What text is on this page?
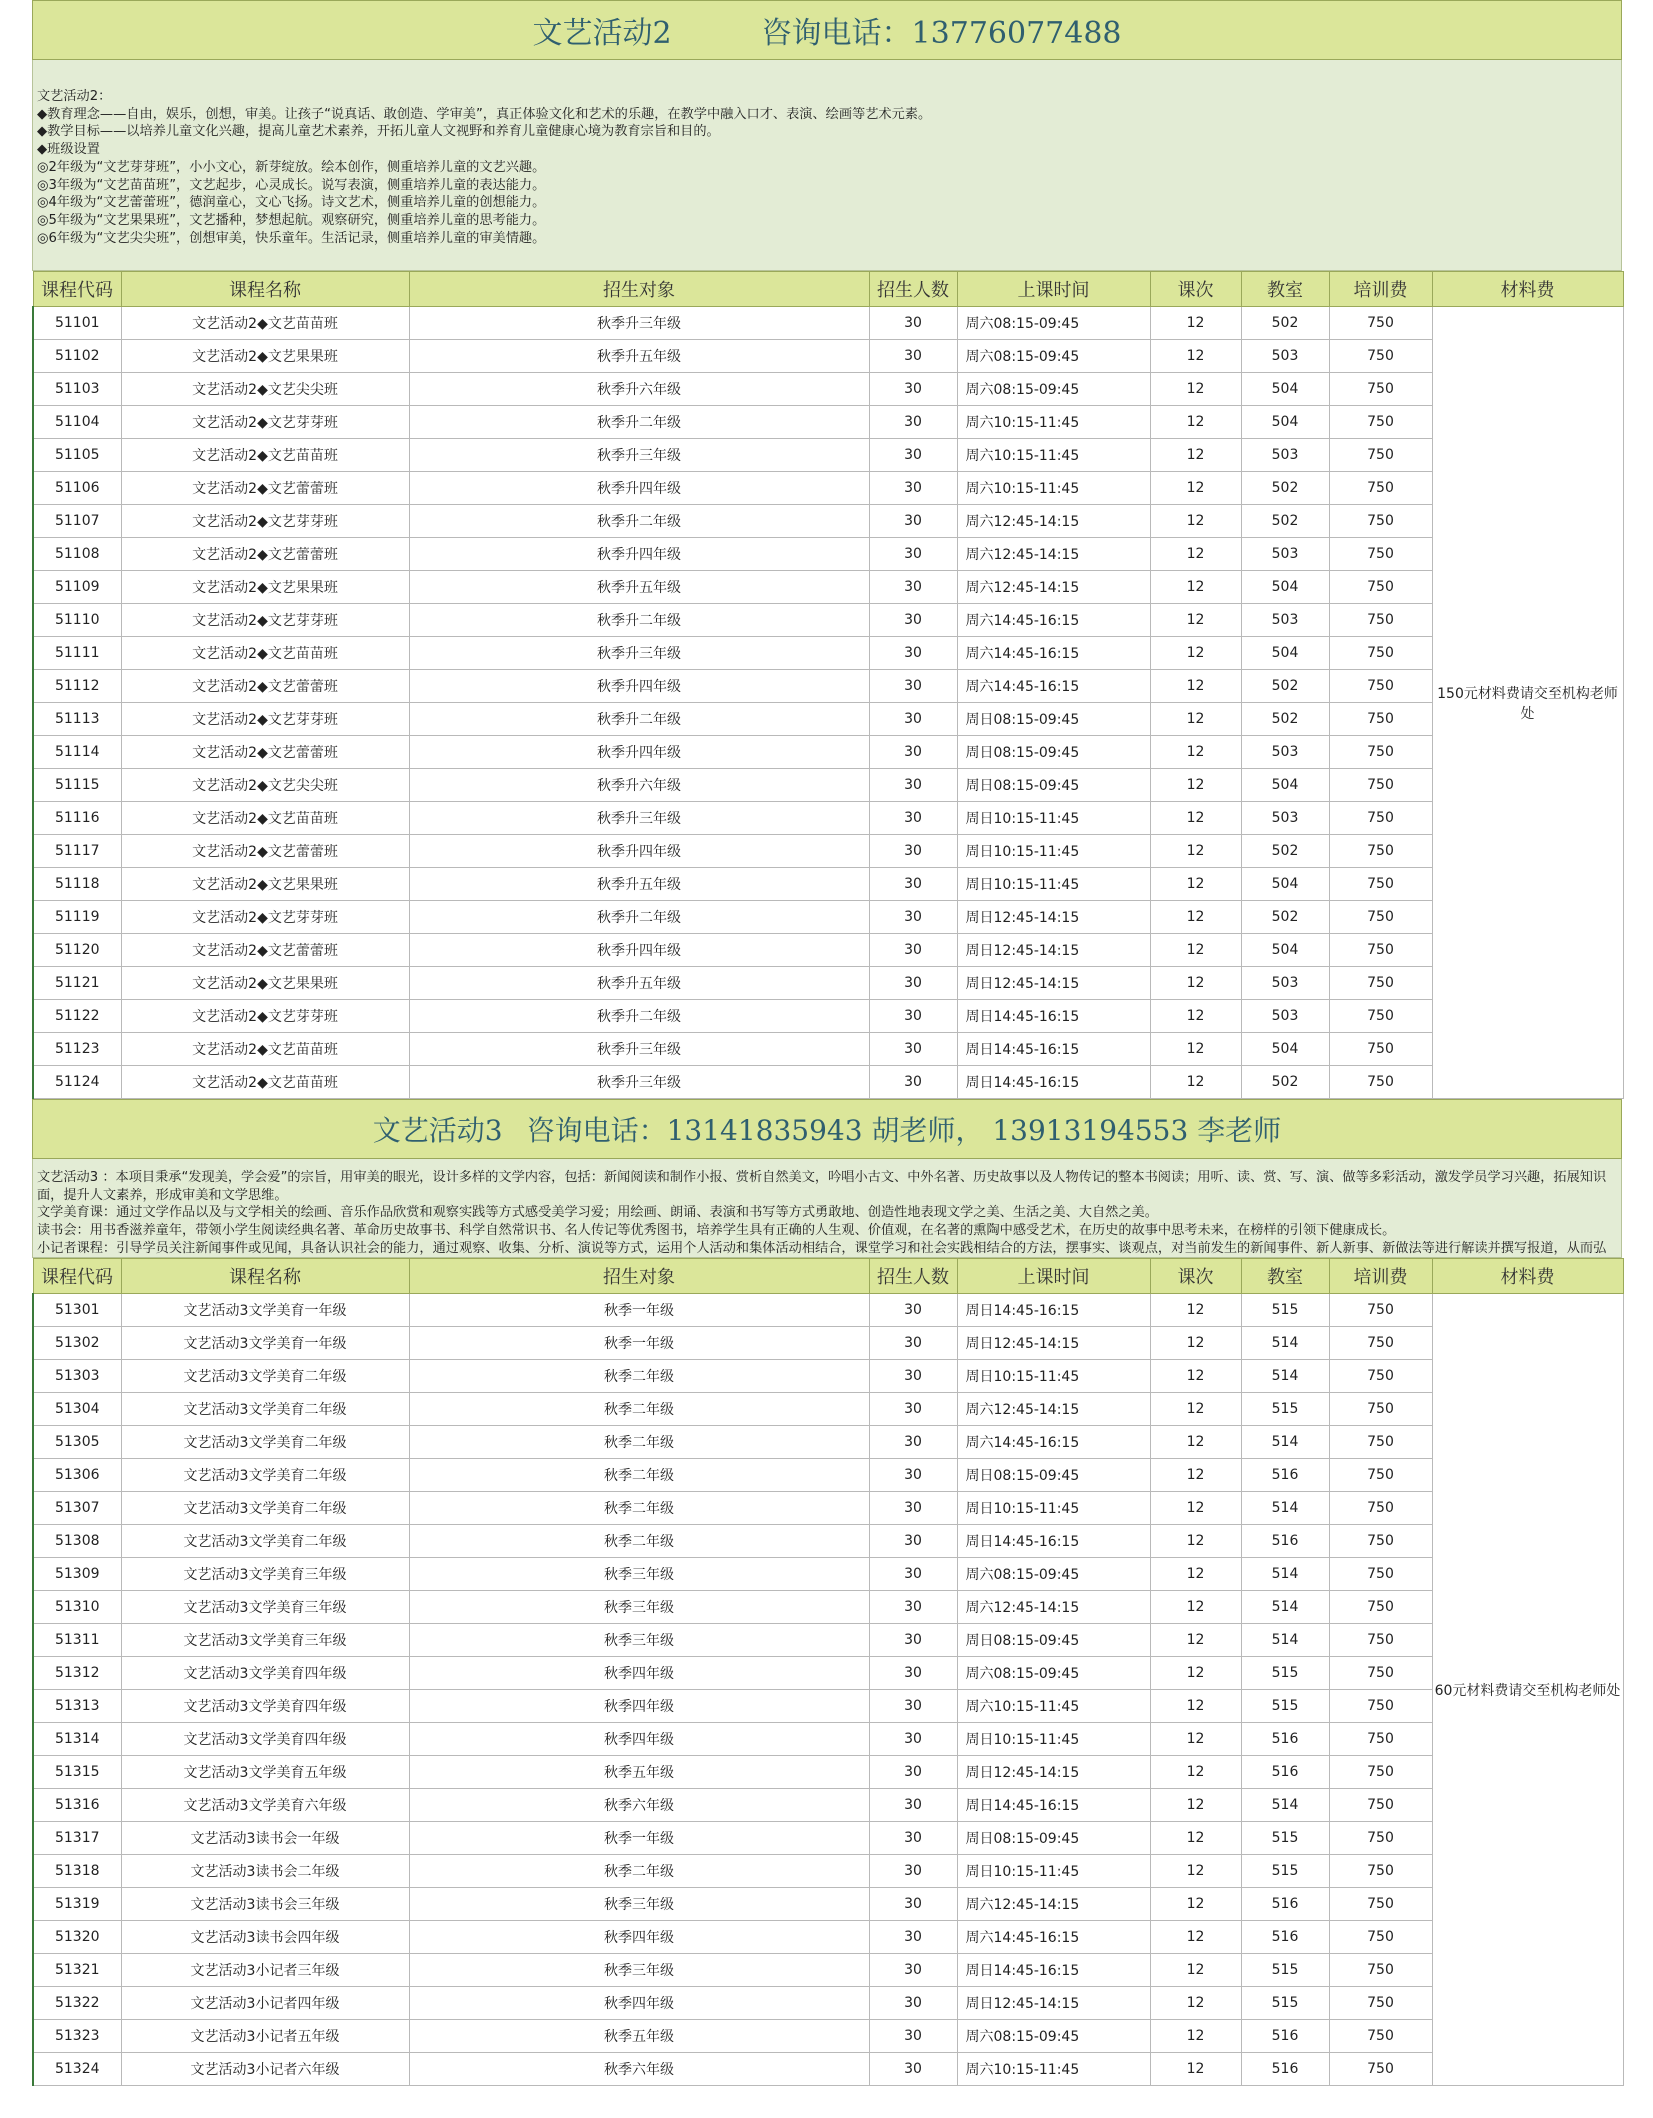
文艺活动2	咨询电话：13776077488

文艺活动2：

◆教育理念——自由，娱乐，创想，审美。让孩子“说真话、敢创造、学审美”，真正体验文化和艺术的乐趣，在教学中融入口才、表演、绘画等艺术元素。

◆教学目标——以培养儿童文化兴趣，提高儿童艺术素养，开拓儿童人文视野和养育儿童健康心境为教育宗旨和目的。

◆班级设置

◎2年级为“文艺芽芽班”，小小文心，新芽绽放。绘本创作，侧重培养儿童的文艺兴趣。

◎3年级为“文艺苗苗班”，文艺起步，心灵成长。说写表演，侧重培养儿童的表达能力。

◎4年级为“文艺蕾蕾班”，德润童心，文心飞扬。诗文艺术，侧重培养儿童的创想能力。

◎5年级为“文艺果果班”，文艺播种，梦想起航。观察研究，侧重培养儿童的思考能力。

◎6年级为“文艺尖尖班”，创想审美，快乐童年。生活记录，侧重培养儿童的审美情趣。

课程代码	课程名称	招生对象	招生人数	上课时间	课次	教室	培训费	材料费
51101	文艺活动2◆文艺苗苗班	秋季升三年级	30	周六08:15-09:45	12	502	750	150元材料费请交至机构老师处
51102	文艺活动2◆文艺果果班	秋季升五年级	30	周六08:15-09:45	12	503	750	
51103	文艺活动2◆文艺尖尖班	秋季升六年级	30	周六08:15-09:45	12	504	750	
51104	文艺活动2◆文艺芽芽班	秋季升二年级	30	周六10:15-11:45	12	504	750	
51105	文艺活动2◆文艺苗苗班	秋季升三年级	30	周六10:15-11:45	12	503	750	
51106	文艺活动2◆文艺蕾蕾班	秋季升四年级	30	周六10:15-11:45	12	502	750	
51107	文艺活动2◆文艺芽芽班	秋季升二年级	30	周六12:45-14:15	12	502	750	
51108	文艺活动2◆文艺蕾蕾班	秋季升四年级	30	周六12:45-14:15	12	503	750	
51109	文艺活动2◆文艺果果班	秋季升五年级	30	周六12:45-14:15	12	504	750	
51110	文艺活动2◆文艺芽芽班	秋季升二年级	30	周六14:45-16:15	12	503	750	
51111	文艺活动2◆文艺苗苗班	秋季升三年级	30	周六14:45-16:15	12	504	750	
51112	文艺活动2◆文艺蕾蕾班	秋季升四年级	30	周六14:45-16:15	12	502	750	
51113	文艺活动2◆文艺芽芽班	秋季升二年级	30	周日08:15-09:45	12	502	750	
51114	文艺活动2◆文艺蕾蕾班	秋季升四年级	30	周日08:15-09:45	12	503	750	
51115	文艺活动2◆文艺尖尖班	秋季升六年级	30	周日08:15-09:45	12	504	750	
51116	文艺活动2◆文艺苗苗班	秋季升三年级	30	周日10:15-11:45	12	503	750	
51117	文艺活动2◆文艺蕾蕾班	秋季升四年级	30	周日10:15-11:45	12	502	750	
51118	文艺活动2◆文艺果果班	秋季升五年级	30	周日10:15-11:45	12	504	750	
51119	文艺活动2◆文艺芽芽班	秋季升二年级	30	周日12:45-14:15	12	502	750	
51120	文艺活动2◆文艺蕾蕾班	秋季升四年级	30	周日12:45-14:15	12	504	750	
51121	文艺活动2◆文艺果果班	秋季升五年级	30	周日12:45-14:15	12	503	750	
51122	文艺活动2◆文艺芽芽班	秋季升二年级	30	周日14:45-16:15	12	503	750	
51123	文艺活动2◆文艺苗苗班	秋季升三年级	30	周日14:45-16:15	12	504	750	
51124	文艺活动2◆文艺苗苗班	秋季升三年级	30	周日14:45-16:15	12	502	750	
文艺活动3 咨询电话：13141835943 胡老师， 13913194553 李老师

文艺活动3 ：本项目秉承“发现美，学会爱”的宗旨，用审美的眼光，设计多样的文学内容，包括：新闻阅读和制作小报、赏析自然美文，吟唱小古文、中外名著、历史故事以及人物传记的整本书阅读；用听、读、赏、写、演、做等多彩活动，激发学员学习兴趣，拓展知识面，提升人文素养，形成审美和文学思维。

文学美育课：通过文学作品以及与文学相关的绘画、音乐作品欣赏和观察实践等方式感受美学习爱；用绘画、朗诵、表演和书写等方式勇敢地、创造性地表现文学之美、生活之美、大自然之美。

读书会：用书香滋养童年，带领小学生阅读经典名著、革命历史故事书、科学自然常识书、名人传记等优秀图书，培养学生具有正确的人生观、价值观，在名著的熏陶中感受艺术，在历史的故事中思考未来，在榜样的引领下健康成长。

小记者课程：引导学员关注新闻事件或见闻，具备认识社会的能力，通过观察、收集、分析、演说等方式，运用个人活动和集体活动相结合，课堂学习和社会实践相结合的方法，摆事实、谈观点，对当前发生的新闻事件、新人新事、新做法等进行解读并撰写报道，从而弘

课程代码	课程名称	招生对象	招生人数	上课时间	课次	教室	培训费	材料费
51301	文艺活动3文学美育一年级	秋季一年级	30	周日14:45-16:15	12	515	750	60元材料费请交至机构老师处
51302	文艺活动3文学美育一年级	秋季一年级	30	周日12:45-14:15	12	514	750	
51303	文艺活动3文学美育二年级	秋季二年级	30	周日10:15-11:45	12	514	750	
51304	文艺活动3文学美育二年级	秋季二年级	30	周六12:45-14:15	12	515	750	
51305	文艺活动3文学美育二年级	秋季二年级	30	周六14:45-16:15	12	514	750	
51306	文艺活动3文学美育二年级	秋季二年级	30	周日08:15-09:45	12	516	750	
51307	文艺活动3文学美育二年级	秋季二年级	30	周日10:15-11:45	12	514	750	
51308	文艺活动3文学美育二年级	秋季二年级	30	周日14:45-16:15	12	516	750	
51309	文艺活动3文学美育三年级	秋季三年级	30	周六08:15-09:45	12	514	750	
51310	文艺活动3文学美育三年级	秋季三年级	30	周六12:45-14:15	12	514	750	
51311	文艺活动3文学美育三年级	秋季三年级	30	周日08:15-09:45	12	514	750	
51312	文艺活动3文学美育四年级	秋季四年级	30	周六08:15-09:45	12	515	750	
51313	文艺活动3文学美育四年级	秋季四年级	30	周六10:15-11:45	12	515	750	
51314	文艺活动3文学美育四年级	秋季四年级	30	周日10:15-11:45	12	516	750	
51315	文艺活动3文学美育五年级	秋季五年级	30	周日12:45-14:15	12	516	750	
51316	文艺活动3文学美育六年级	秋季六年级	30	周日14:45-16:15	12	514	750	
51317	文艺活动3读书会一年级	秋季一年级	30	周日08:15-09:45	12	515	750	
51318	文艺活动3读书会二年级	秋季二年级	30	周日10:15-11:45	12	515	750	
51319	文艺活动3读书会三年级	秋季三年级	30	周六12:45-14:15	12	516	750	
51320	文艺活动3读书会四年级	秋季四年级	30	周六14:45-16:15	12	516	750	
51321	文艺活动3小记者三年级	秋季三年级	30	周日14:45-16:15	12	515	750	
51322	文艺活动3小记者四年级	秋季四年级	30	周日12:45-14:15	12	515	750	
51323	文艺活动3小记者五年级	秋季五年级	30	周六08:15-09:45	12	516	750	
51324	文艺活动3小记者六年级	秋季六年级	30	周六10:15-11:45	12	516	750	
